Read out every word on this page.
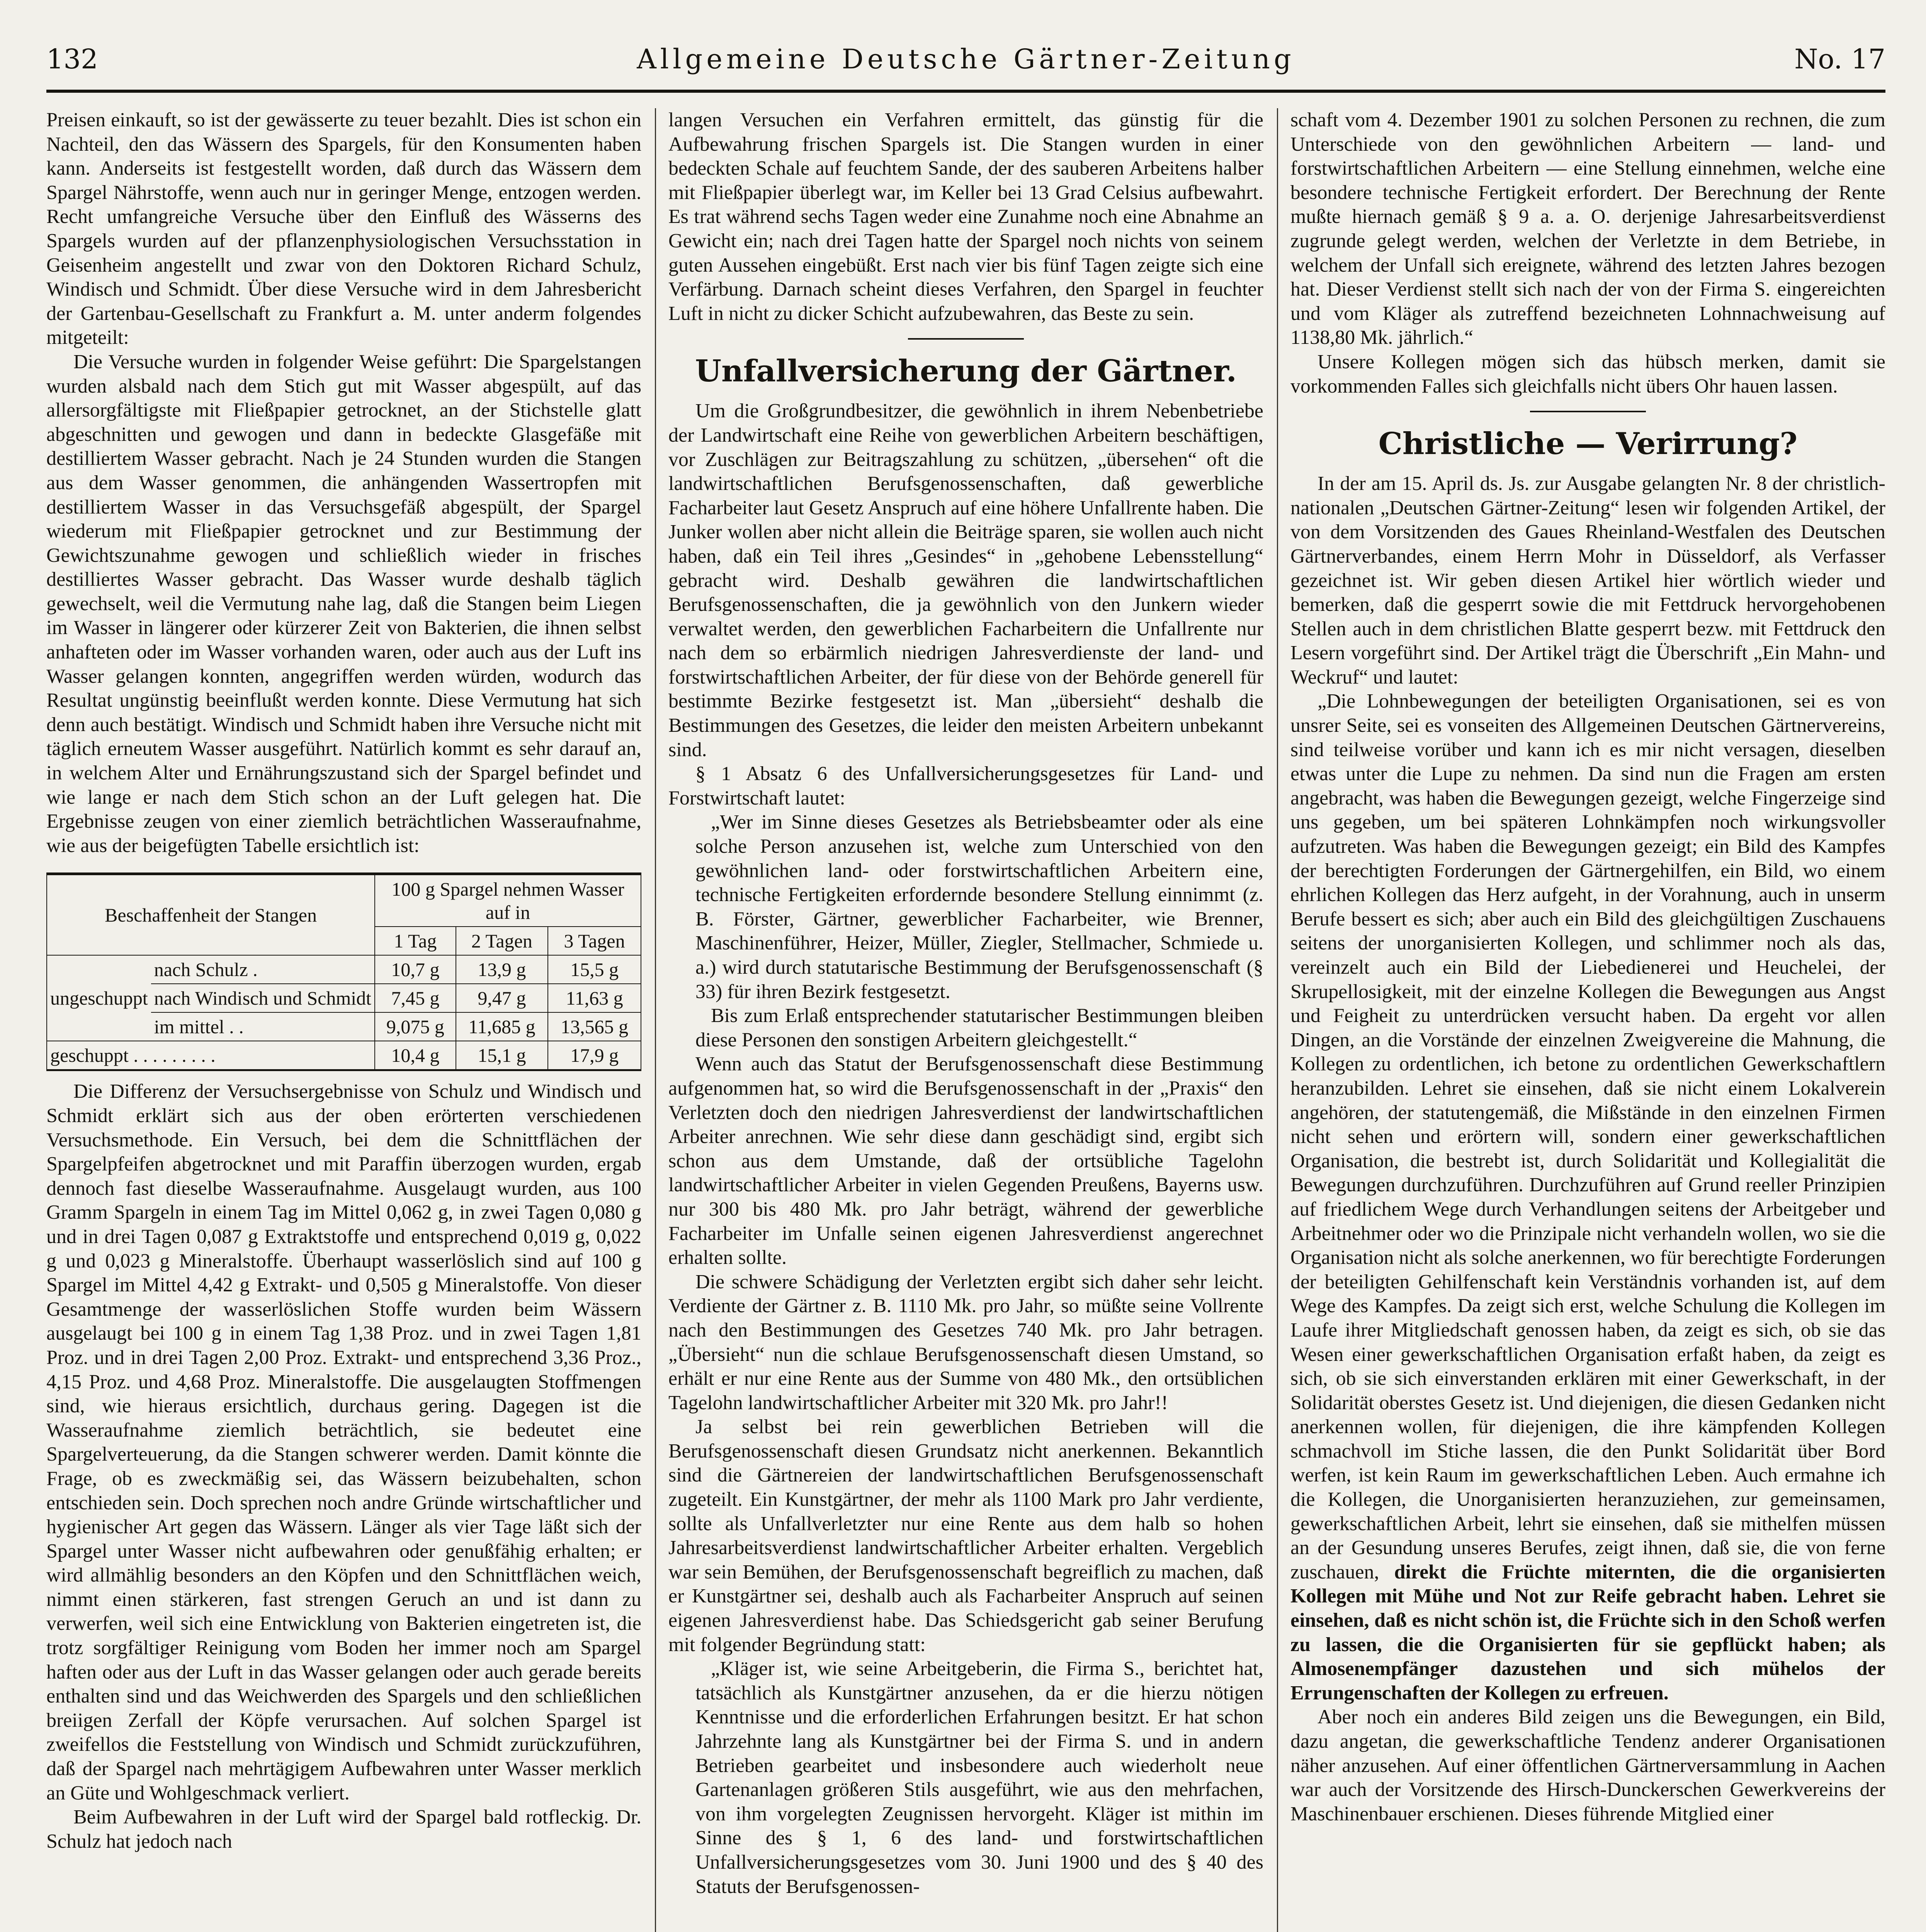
132	Allgemeine Deutsche Gärtner-Zeitung	No. 17

Preisen einkauft, so ist der gewässerte zu teuer bezahlt. Dies ist schon ein Nachteil, den das Wässern des Spargels, für den Konsumenten haben kann. Anderseits ist festgestellt worden, daß durch das Wässern dem Spargel Nährstoffe, wenn auch nur in geringer Menge, entzogen werden. Recht umfangreiche Versuche über den Einfluß des Wässerns des Spargels wurden auf der pflanzenphysiologischen Versuchsstation in Geisenheim angestellt und zwar von den Doktoren Richard Schulz, Windisch und Schmidt. Über diese Versuche wird in dem Jahresbericht der Gartenbau-Gesellschaft zu Frankfurt a. M. unter anderm folgendes mitgeteilt:

Die Versuche wurden in folgender Weise geführt: Die Spargelstangen wurden alsbald nach dem Stich gut mit Wasser abgespült, auf das allersorgfältigste mit Fließpapier getrocknet, an der Stichstelle glatt abgeschnitten und gewogen und dann in bedeckte Glasgefäße mit destilliertem Wasser gebracht. Nach je 24 Stunden wurden die Stangen aus dem Wasser genommen, die anhängenden Wassertropfen mit destilliertem Wasser in das Versuchsgefäß abgespült, der Spargel wiederum mit Fließpapier getrocknet und zur Bestimmung der Gewichtszunahme gewogen und schließlich wieder in frisches destilliertes Wasser gebracht. Das Wasser wurde deshalb täglich gewechselt, weil die Vermutung nahe lag, daß die Stangen beim Liegen im Wasser in längerer oder kürzerer Zeit von Bakterien, die ihnen selbst anhafteten oder im Wasser vorhanden waren, oder auch aus der Luft ins Wasser gelangen konnten, angegriffen werden würden, wodurch das Resultat ungünstig beeinflußt werden konnte. Diese Vermutung hat sich denn auch bestätigt. Windisch und Schmidt haben ihre Versuche nicht mit täglich erneutem Wasser ausgeführt. Natürlich kommt es sehr darauf an, in welchem Alter und Ernährungszustand sich der Spargel befindet und wie lange er nach dem Stich schon an der Luft gelegen hat. Die Ergebnisse zeugen von einer ziemlich beträchtlichen Wasseraufnahme, wie aus der beigefügten Tabelle ersichtlich ist:

Beschaffenheit der Stangen		100 g Spargel nehmen Wasser auf in		
		1 Tag	2 Tagen	3 Tagen
ungeschuppt	nach Schulz .	10,7 g	13,9 g	15,5 g
	nach Windisch und Schmidt	7,45 g	9,47 g	11,63 g
	im mittel . .	9,075 g	11,685 g	13,565 g
geschuppt . . . . . . . . .		10,4 g	15,1 g	17,9 g

Die Differenz der Versuchsergebnisse von Schulz und Windisch und Schmidt erklärt sich aus der oben erörterten verschiedenen Versuchsmethode. Ein Versuch, bei dem die Schnittflächen der Spargelpfeifen abgetrocknet und mit Paraffin überzogen wurden, ergab dennoch fast dieselbe Wasseraufnahme. Ausgelaugt wurden, aus 100 Gramm Spargeln in einem Tag im Mittel 0,062 g, in zwei Tagen 0,080 g und in drei Tagen 0,087 g Extraktstoffe und entsprechend 0,019 g, 0,022 g und 0,023 g Mineralstoffe. Überhaupt wasserlöslich sind auf 100 g Spargel im Mittel 4,42 g Extrakt- und 0,505 g Mineralstoffe. Von dieser Gesamtmenge der wasserlöslichen Stoffe wurden beim Wässern ausgelaugt bei 100 g in einem Tag 1,38 Proz. und in zwei Tagen 1,81 Proz. und in drei Tagen 2,00 Proz. Extrakt- und entsprechend 3,36 Proz., 4,15 Proz. und 4,68 Proz. Mineralstoffe. Die ausgelaugten Stoffmengen sind, wie hieraus ersichtlich, durchaus gering. Dagegen ist die Wasseraufnahme ziemlich beträchtlich, sie bedeutet eine Spargelverteuerung, da die Stangen schwerer werden. Damit könnte die Frage, ob es zweckmäßig sei, das Wässern beizubehalten, schon entschieden sein. Doch sprechen noch andre Gründe wirtschaftlicher und hygienischer Art gegen das Wässern. Länger als vier Tage läßt sich der Spargel unter Wasser nicht aufbewahren oder genußfähig erhalten; er wird allmählig besonders an den Köpfen und den Schnittflächen weich, nimmt einen stärkeren, fast strengen Geruch an und ist dann zu verwerfen, weil sich eine Entwicklung von Bakterien eingetreten ist, die trotz sorgfältiger Reinigung vom Boden her immer noch am Spargel haften oder aus der Luft in das Wasser gelangen oder auch gerade bereits enthalten sind und das Weichwerden des Spargels und den schließlichen breiigen Zerfall der Köpfe verursachen. Auf solchen Spargel ist zweifellos die Feststellung von Windisch und Schmidt zurückzuführen, daß der Spargel nach mehrtägigem Aufbewahren unter Wasser merklich an Güte und Wohlgeschmack verliert.

Beim Aufbewahren in der Luft wird der Spargel bald rotfleckig. Dr. Schulz hat jedoch nach

langen Versuchen ein Verfahren ermittelt, das günstig für die Aufbewahrung frischen Spargels ist. Die Stangen wurden in einer bedeckten Schale auf feuchtem Sande, der des sauberen Arbeitens halber mit Fließpapier überlegt war, im Keller bei 13 Grad Celsius aufbewahrt. Es trat während sechs Tagen weder eine Zunahme noch eine Abnahme an Gewicht ein; nach drei Tagen hatte der Spargel noch nichts von seinem guten Aussehen eingebüßt. Erst nach vier bis fünf Tagen zeigte sich eine Verfärbung. Darnach scheint dieses Verfahren, den Spargel in feuchter Luft in nicht zu dicker Schicht aufzubewahren, das Beste zu sein.

Unfallversicherung der Gärtner.

Um die Großgrundbesitzer, die gewöhnlich in ihrem Nebenbetriebe der Landwirtschaft eine Reihe von gewerblichen Arbeitern beschäftigen, vor Zuschlägen zur Beitragszahlung zu schützen, „übersehen“ oft die landwirtschaftlichen Berufsgenossenschaften, daß gewerbliche Facharbeiter laut Gesetz Anspruch auf eine höhere Unfallrente haben. Die Junker wollen aber nicht allein die Beiträge sparen, sie wollen auch nicht haben, daß ein Teil ihres „Gesindes“ in „gehobene Lebensstellung“ gebracht wird. Deshalb gewähren die landwirtschaftlichen Berufsgenossenschaften, die ja gewöhnlich von den Junkern wieder verwaltet werden, den gewerblichen Facharbeitern die Unfallrente nur nach dem so erbärmlich niedrigen Jahresverdienste der land- und forstwirtschaftlichen Arbeiter, der für diese von der Behörde generell für bestimmte Bezirke festgesetzt ist. Man „übersieht“ deshalb die Bestimmungen des Gesetzes, die leider den meisten Arbeitern unbekannt sind.

§ 1 Absatz 6 des Unfallversicherungsgesetzes für Land- und Forstwirtschaft lautet:

„Wer im Sinne dieses Gesetzes als Betriebsbeamter oder als eine solche Person anzusehen ist, welche zum Unterschied von den gewöhnlichen land- oder forstwirtschaftlichen Arbeitern eine, technische Fertigkeiten erfordernde besondere Stellung einnimmt (z. B. Förster, Gärtner, gewerblicher Facharbeiter, wie Brenner, Maschinenführer, Heizer, Müller, Ziegler, Stellmacher, Schmiede u. a.) wird durch statutarische Bestimmung der Berufsgenossenschaft (§ 33) für ihren Bezirk festgesetzt.

Bis zum Erlaß entsprechender statutarischer Bestimmungen bleiben diese Personen den sonstigen Arbeitern gleichgestellt.“

Wenn auch das Statut der Berufsgenossenschaft diese Bestimmung aufgenommen hat, so wird die Berufsgenossenschaft in der „Praxis“ den Verletzten doch den niedrigen Jahresverdienst der landwirtschaftlichen Arbeiter anrechnen. Wie sehr diese dann geschädigt sind, ergibt sich schon aus dem Umstande, daß der ortsübliche Tagelohn landwirtschaftlicher Arbeiter in vielen Gegenden Preußens, Bayerns usw. nur 300 bis 480 Mk. pro Jahr beträgt, während der gewerbliche Facharbeiter im Unfalle seinen eigenen Jahresverdienst angerechnet erhalten sollte.

Die schwere Schädigung der Verletzten ergibt sich daher sehr leicht. Verdiente der Gärtner z. B. 1110 Mk. pro Jahr, so müßte seine Vollrente nach den Bestimmungen des Gesetzes 740 Mk. pro Jahr betragen. „Übersieht“ nun die schlaue Berufsgenossenschaft diesen Umstand, so erhält er nur eine Rente aus der Summe von 480 Mk., den ortsüblichen Tagelohn landwirtschaftlicher Arbeiter mit 320 Mk. pro Jahr!!

Ja selbst bei rein gewerblichen Betrieben will die Berufsgenossenschaft diesen Grundsatz nicht anerkennen. Bekanntlich sind die Gärtnereien der landwirtschaftlichen Berufsgenossenschaft zugeteilt. Ein Kunstgärtner, der mehr als 1100 Mark pro Jahr verdiente, sollte als Unfallverletzter nur eine Rente aus dem halb so hohen Jahresarbeitsverdienst landwirtschaftlicher Arbeiter erhalten. Vergeblich war sein Bemühen, der Berufsgenossenschaft begreiflich zu machen, daß er Kunstgärtner sei, deshalb auch als Facharbeiter Anspruch auf seinen eigenen Jahresverdienst habe. Das Schiedsgericht gab seiner Berufung mit folgender Begründung statt:

„Kläger ist, wie seine Arbeitgeberin, die Firma S., berichtet hat, tatsächlich als Kunstgärtner anzusehen, da er die hierzu nötigen Kenntnisse und die erforderlichen Erfahrungen besitzt. Er hat schon Jahrzehnte lang als Kunstgärtner bei der Firma S. und in andern Betrieben gearbeitet und insbesondere auch wiederholt neue Gartenanlagen größeren Stils ausgeführt, wie aus den mehrfachen, von ihm vorgelegten Zeugnissen hervorgeht. Kläger ist mithin im Sinne des § 1, 6 des land- und forstwirtschaftlichen Unfallversicherungsgesetzes vom 30. Juni 1900 und des § 40 des Statuts der Berufsgenossen-

schaft vom 4. Dezember 1901 zu solchen Personen zu rechnen, die zum Unterschiede von den gewöhnlichen Arbeitern — land- und forstwirtschaftlichen Arbeitern — eine Stellung einnehmen, welche eine besondere technische Fertigkeit erfordert. Der Berechnung der Rente mußte hiernach gemäß § 9 a. a. O. derjenige Jahresarbeitsverdienst zugrunde gelegt werden, welchen der Verletzte in dem Betriebe, in welchem der Unfall sich ereignete, während des letzten Jahres bezogen hat. Dieser Verdienst stellt sich nach der von der Firma S. eingereichten und vom Kläger als zutreffend bezeichneten Lohnnachweisung auf 1138,80 Mk. jährlich.“

Unsere Kollegen mögen sich das hübsch merken, damit sie vorkommenden Falles sich gleichfalls nicht übers Ohr hauen lassen.

Christliche — Verirrung?

In der am 15. April ds. Js. zur Ausgabe gelangten Nr. 8 der christlich-nationalen „Deutschen Gärtner-Zeitung“ lesen wir folgenden Artikel, der von dem Vorsitzenden des Gaues Rheinland-Westfalen des Deutschen Gärtnerverbandes, einem Herrn Mohr in Düsseldorf, als Verfasser gezeichnet ist. Wir geben diesen Artikel hier wörtlich wieder und bemerken, daß die gesperrt sowie die mit Fettdruck hervorgehobenen Stellen auch in dem christlichen Blatte gesperrt bezw. mit Fettdruck den Lesern vorgeführt sind. Der Artikel trägt die Überschrift „Ein Mahn- und Weckruf“ und lautet:

„Die Lohnbewegungen der beteiligten Organisationen, sei es von unsrer Seite, sei es vonseiten des Allgemeinen Deutschen Gärtnervereins, sind teilweise vorüber und kann ich es mir nicht versagen, dieselben etwas unter die Lupe zu nehmen. Da sind nun die Fragen am ersten angebracht, was haben die Bewegungen gezeigt, welche Fingerzeige sind uns gegeben, um bei späteren Lohnkämpfen noch wirkungsvoller aufzutreten. Was haben die Bewegungen gezeigt; ein Bild des Kampfes der berechtigten Forderungen der Gärtnergehilfen, ein Bild, wo einem ehrlichen Kollegen das Herz aufgeht, in der Vorahnung, auch in unserm Berufe bessert es sich; aber auch ein Bild des gleichgültigen Zuschauens seitens der unorganisierten Kollegen, und schlimmer noch als das, vereinzelt auch ein Bild der Liebedienerei und Heuchelei, der Skrupellosigkeit, mit der einzelne Kollegen die Bewegungen aus Angst und Feigheit zu unterdrücken versucht haben. Da ergeht vor allen Dingen, an die Vorstände der einzelnen Zweigvereine die Mahnung, die Kollegen zu ordentlichen, ich betone zu ordentlichen Gewerkschaftlern heranzubilden. Lehret sie einsehen, daß sie nicht einem Lokalverein angehören, der statutengemäß, die Mißstände in den einzelnen Firmen nicht sehen und erörtern will, sondern einer gewerkschaftlichen Organisation, die bestrebt ist, durch Solidarität und Kollegialität die Bewegungen durchzuführen. Durchzuführen auf Grund reeller Prinzipien auf friedlichem Wege durch Verhandlungen seitens der Arbeitgeber und Arbeitnehmer oder wo die Prinzipale nicht verhandeln wollen, wo sie die Organisation nicht als solche anerkennen, wo für berechtigte Forderungen der beteiligten Gehilfenschaft kein Verständnis vorhanden ist, auf dem Wege des Kampfes. Da zeigt sich erst, welche Schulung die Kollegen im Laufe ihrer Mitgliedschaft genossen haben, da zeigt es sich, ob sie das Wesen einer gewerkschaftlichen Organisation erfaßt haben, da zeigt es sich, ob sie sich einverstanden erklären mit einer Gewerkschaft, in der Solidarität oberstes Gesetz ist. Und diejenigen, die diesen Gedanken nicht anerkennen wollen, für diejenigen, die ihre kämpfenden Kollegen schmachvoll im Stiche lassen, die den Punkt Solidarität über Bord werfen, ist kein Raum im gewerkschaftlichen Leben. Auch ermahne ich die Kollegen, die Unorganisierten heranzuziehen, zur gemeinsamen, gewerkschaftlichen Arbeit, lehrt sie einsehen, daß sie mithelfen müssen an der Gesundung unseres Berufes, zeigt ihnen, daß sie, die von ferne zuschauen, direkt die Früchte miternten, die die organisierten Kollegen mit Mühe und Not zur Reife gebracht haben. Lehret sie einsehen, daß es nicht schön ist, die Früchte sich in den Schoß werfen zu lassen, die die Organisierten für sie gepflückt haben; als Almosenempfänger dazustehen und sich mühelos der Errungenschaften der Kollegen zu erfreuen.

Aber noch ein anderes Bild zeigen uns die Bewegungen, ein Bild, dazu angetan, die gewerkschaftliche Tendenz anderer Organisationen näher anzusehen. Auf einer öffentlichen Gärtnerversammlung in Aachen war auch der Vorsitzende des Hirsch-Dunckerschen Gewerkvereins der Maschinenbauer erschienen. Dieses führende Mitglied einer
